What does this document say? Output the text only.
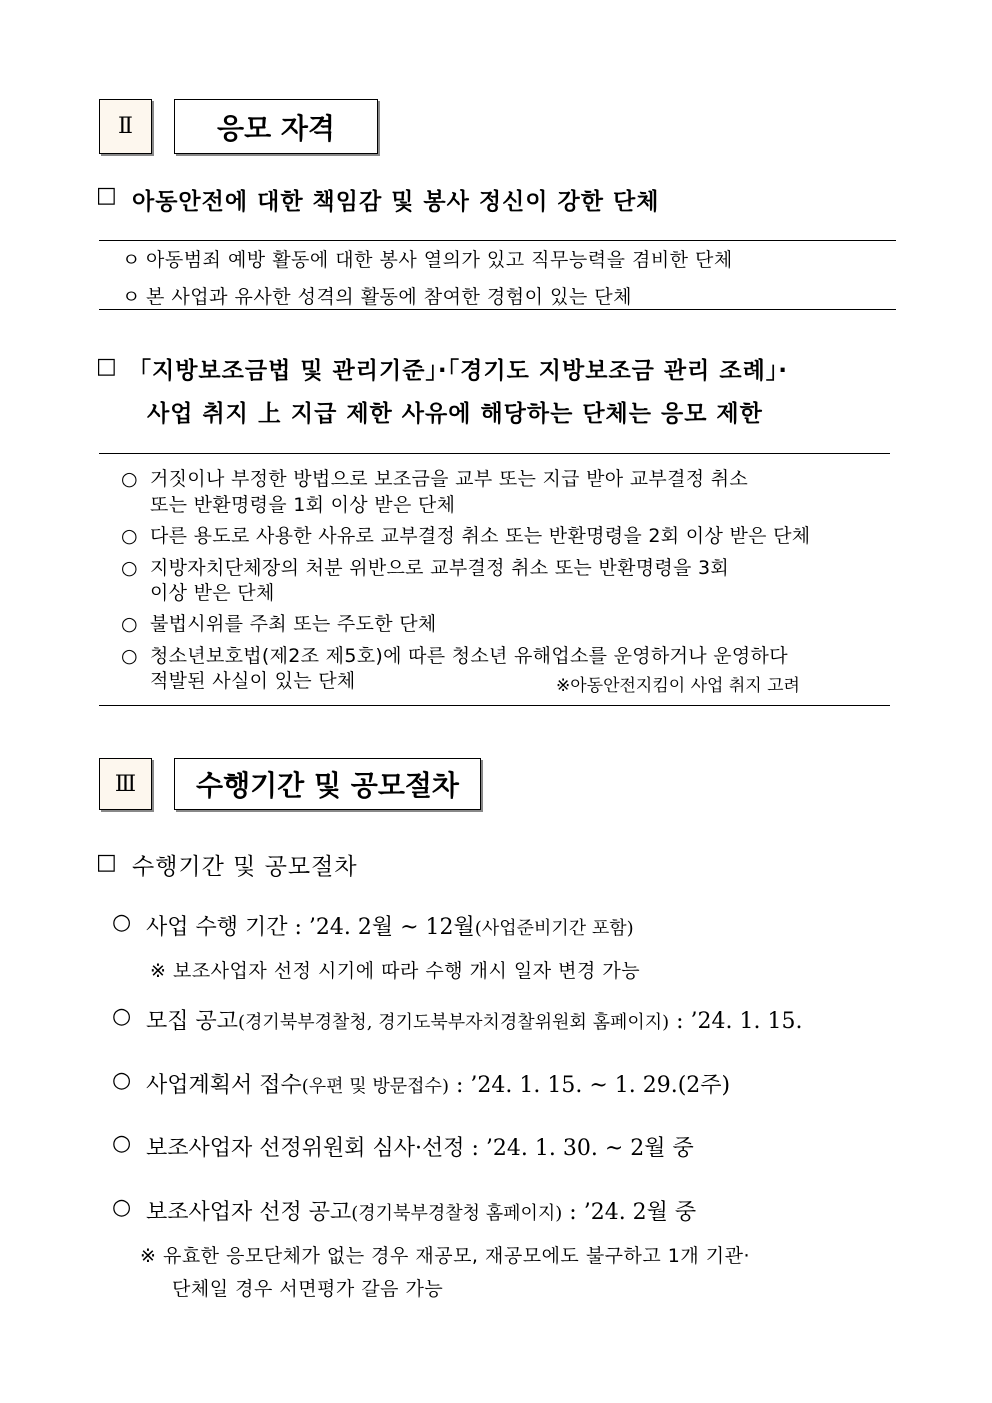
Ⅱ	응모 자격
□ 아동안전에 대한 책임감 및 봉사 정신이 강한 단체
ㅇ 아동범죄 예방 활동에 대한 봉사 열의가 있고 직무능력을 겸비한 단체
ㅇ 본 사업과 유사한 성격의 활동에 참여한 경험이 있는 단체
□ 「지방보조금법 및 관리기준」·「경기도 지방보조금 관리 조례」·
사업 취지 上 지급 제한 사유에 해당하는 단체는 응모 제한
○ 거짓이나 부정한 방법으로 보조금을 교부 또는 지급 받아 교부결정 취소
또는 반환명령을 1회 이상 받은 단체
○ 다른 용도로 사용한 사유로 교부결정 취소 또는 반환명령을 2회 이상 받은 단체
○ 지방자치단체장의 처분 위반으로 교부결정 취소 또는 반환명령을 3회
이상 받은 단체
○ 불법시위를 주최 또는 주도한 단체
○ 청소년보호법(제2조 제5호)에 따른 청소년 유해업소를 운영하거나 운영하다
적발된 사실이 있는 단체	※아동안전지킴이 사업 취지 고려
Ⅲ	수행기간 및 공모절차
□ 수행기간 및 공모절차
○ 사업 수행 기간 : ’24. 2월 ~ 12월(사업준비기간 포함)
※ 보조사업자 선정 시기에 따라 수행 개시 일자 변경 가능
○ 모집 공고(경기북부경찰청, 경기도북부자치경찰위원회 홈페이지) : ’24. 1. 15.
○ 사업계획서 접수(우편 및 방문접수) : ’24. 1. 15. ~ 1. 29.(2주)
○ 보조사업자 선정위원회 심사·선정 : ’24. 1. 30. ~ 2월 중
○ 보조사업자 선정 공고(경기북부경찰청 홈페이지) : ’24. 2월 중
※ 유효한 응모단체가 없는 경우 재공모, 재공모에도 불구하고 1개 기관·
단체일 경우 서면평가 갈음 가능
